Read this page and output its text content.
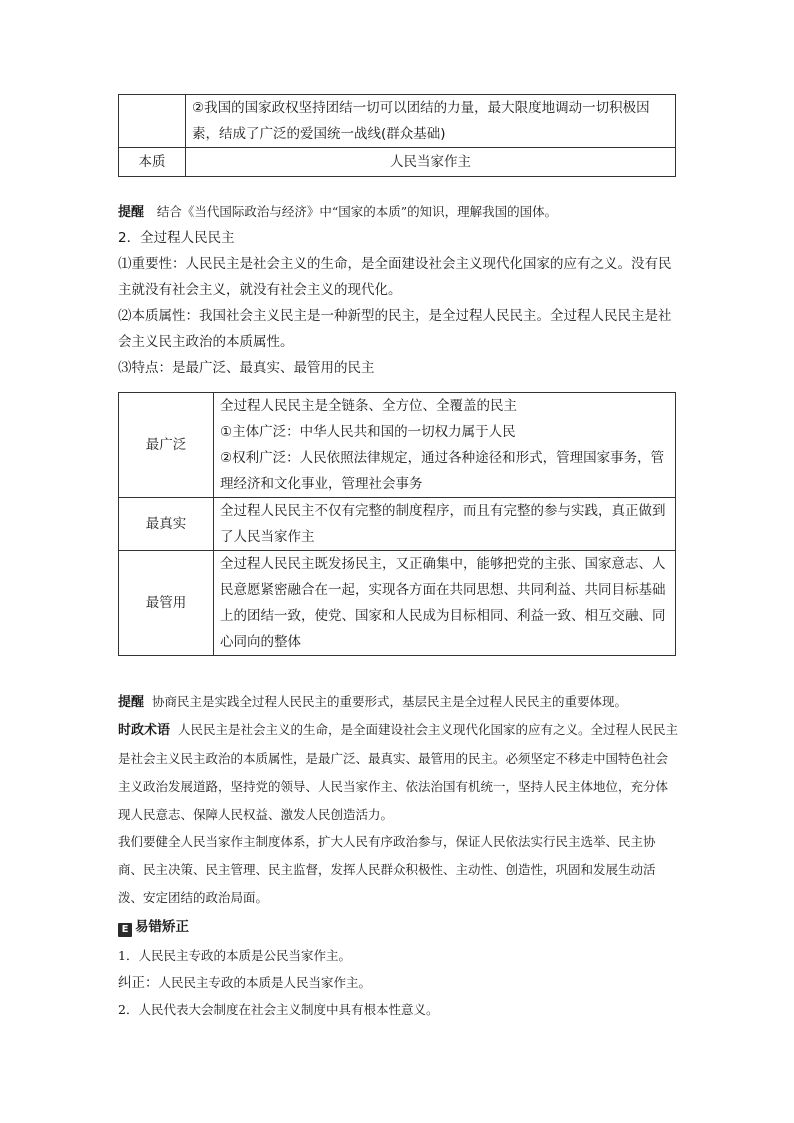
	②我国的国家政权坚持团结一切可以团结的力量，最大限度地调动一切积极因素，结成了广泛的爱国统一战线(群众基础)
本质	人民当家作主
提醒 结合《当代国际政治与经济》中“国家的本质”的知识，理解我国的国体。
2．全过程人民民主
⑴重要性：人民民主是社会主义的生命，是全面建设社会主义现代化国家的应有之义。没有民主就没有社会主义，就没有社会主义的现代化。
⑵本质属性：我国社会主义民主是一种新型的民主，是全过程人民民主。全过程人民民主是社会主义民主政治的本质属性。
⑶特点：是最广泛、最真实、最管用的民主
最广泛	全过程人民民主是全链条、全方位、全覆盖的民主
①主体广泛：中华人民共和国的一切权力属于人民
②权利广泛：人民依照法律规定，通过各种途径和形式，管理国家事务，管理经济和文化事业，管理社会事务

最真实	全过程人民民主不仅有完整的制度程序，而且有完整的参与实践，真正做到了人民当家作主
最管用	全过程人民民主既发扬民主，又正确集中，能够把党的主张、国家意志、人民意愿紧密融合在一起，实现各方面在共同思想、共同利益、共同目标基础上的团结一致，使党、国家和人民成为目标相同、利益一致、相互交融、同心同向的整体
提醒 协商民主是实践全过程人民民主的重要形式，基层民主是全过程人民民主的重要体现。
时政术语 人民民主是社会主义的生命，是全面建设社会主义现代化国家的应有之义。全过程人民民主是社会主义民主政治的本质属性，是最广泛、最真实、最管用的民主。必须坚定不移走中国特色社会主义政治发展道路，坚持党的领导、人民当家作主、依法治国有机统一，坚持人民主体地位，充分体现人民意志、保障人民权益、激发人民创造活力。
我们要健全人民当家作主制度体系，扩大人民有序政治参与，保证人民依法实行民主选举、民主协商、民主决策、民主管理、民主监督，发挥人民群众积极性、主动性、创造性，巩固和发展生动活泼、安定团结的政治局面。
E 易错矫正
1．人民民主专政的本质是公民当家作主。
纠正：人民民主专政的本质是人民当家作主。
2．人民代表大会制度在社会主义制度中具有根本性意义。
